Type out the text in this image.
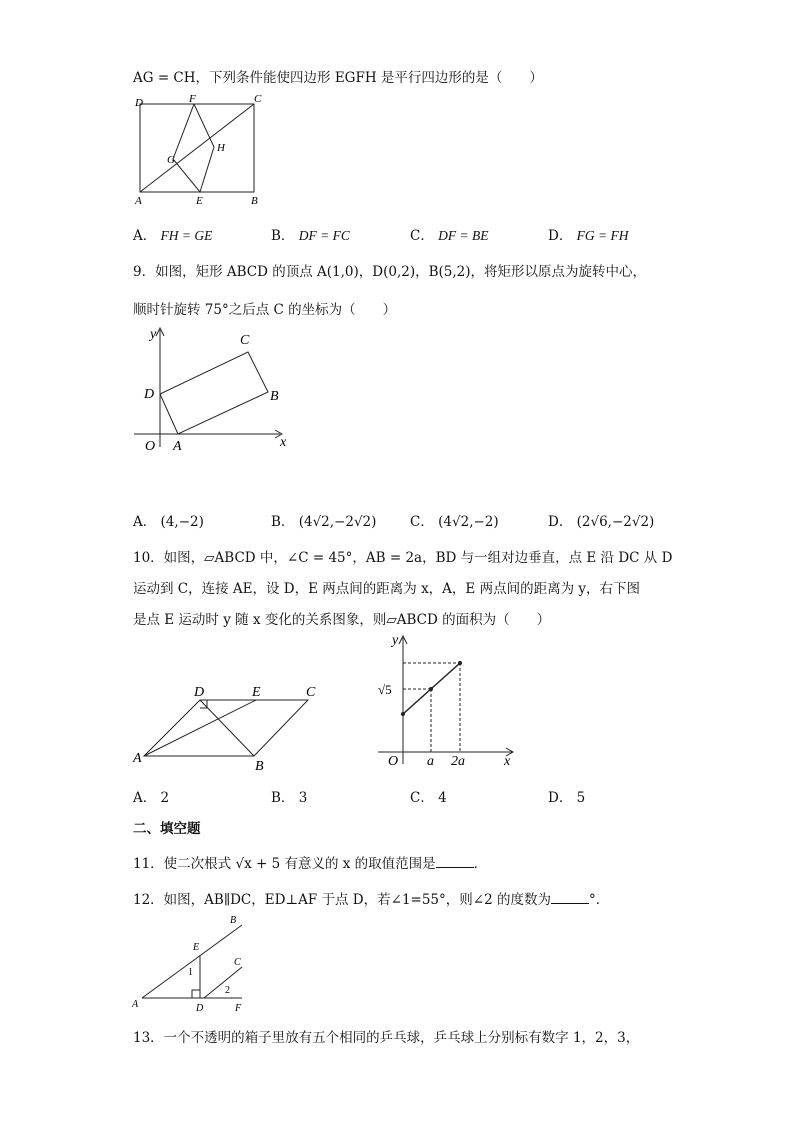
AG = CH，下列条件能使四边形 EGFH 是平行四边形的是（　　）
D	F	C
G
H
A	E	B
A． FH = GE	B． DF = FC	C． DF = BE	D． FG = FH
9．如图，矩形 ABCD 的顶点 A(1,0)，D(0,2)，B(5,2)，将矩形以原点为旋转中心，
顺时针旋转 75°之后点 C 的坐标为（　　）
y
x
O A
B
C
D
A． (4,−2)	B． (4√2,−2√2) C． (4√2,−2)	D． (2√6,−2√2)
10．如图，▱ABCD 中，∠C = 45°，AB = 2a，BD 与一组对边垂直，点 E 沿 DC 从 D
运动到 C，连接 AE，设 D，E 两点间的距离为 x，A，E 两点间的距离为 y，右下图
是点 E 运动时 y 随 x 变化的关系图象，则▱ABCD 的面积为（　　）
D	E	C
A
B
y
x
O a 2a
√5
A． 2	B． 3	C． 4	D． 5
二、填空题
11．使二次根式 √x + 5 有意义的 x 的取值范围是	．
12．如图，AB∥DC，ED⊥AF 于点 D，若∠1=55°，则∠2 的度数为	°．
B
E
C
1
2
A	D	F
13．一个不透明的箱子里放有五个相同的乒乓球，乒乓球上分别标有数字 1，2，3，
